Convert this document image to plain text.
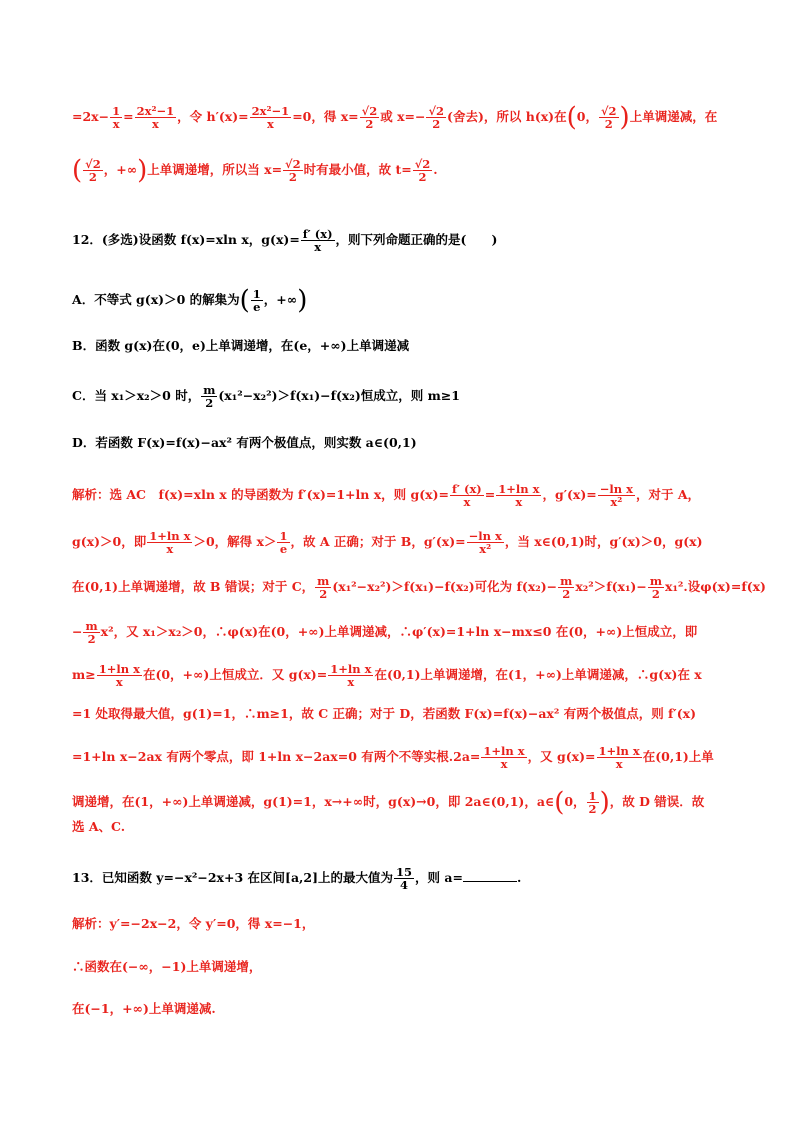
$=2x- \frac{1}{x} = \frac{\text{2x²−1}}{x}$ ，令 $h'(x)= \frac{\text{2x²−1}}{x} =0$，得 $x= \frac{√2}{2}$ 或 $x=- \frac{√2}{2}$ (舍去)，所以 h(x)在(0， $\frac{√2}{2}$ )上单调递减，在
( $\frac{√2}{2}$ ，+∞)上单调递增，所以当 $x= \frac{√2}{2}$ 时有最小值，故 $t= \frac{√2}{2}$ .
12．(多选)设函数 f(x)=xln x，$g(x)= \frac{f' (x)}{x}$ ，则下列命题正确的是(　　)
A．不等式 g(x)＞0 的解集为( $\frac{1}{e}$ ，+∞)
B．函数 g(x)在(0，e)上单调递增，在(e，+∞)上单调递减
C．当 x₁＞x₂＞0 时， $\frac{m}{2} (x_1^2-x_2^2)>f(x_1)-f(x_2)$恒成立，则 m≥1
D．若函数 F(x)=f(x)−ax² 有两个极值点，则实数 a∈(0,1)
解析：选 AC　f(x)=xln x 的导函数为 f′(x)=1+ln x，则 $g(x)= \frac{f' (x)}{x} = \frac{\text{1+ln x}}{x}$ ，$g'(x)= \frac{\text{−ln x}}{\text{x²}}$ ，对于 A，
g(x)＞0，即 $\frac{\text{1+ln x}}{x} >0$，解得 $x> \frac{1}{e}$ ，故 A 正确；对于 B，$g'(x)= \frac{\text{−ln x}}{\text{x²}}$ ，当 x∈(0,1)时，g′(x)＞0，g(x)
在(0,1)上单调递增，故 B 错误；对于 C， $\frac{m}{2} (x_1^2-x_2^2)>f(x_1)-f(x_2)$可化为 $f(x_2)- \frac{m}{2} x_2^2>f(x_1)- \frac{m}{2} x_1^2$.设φ(x)=f(x)
− $\frac{m}{2} x^2$，又 x₁＞x₂＞0，∴φ(x)在(0，+∞)上单调递减，∴φ′(x)=1+ln x−mx≤0 在(0，+∞)上恒成立，即
$m\ge \frac{\text{1+ln x}}{x}$ 在(0，+∞)上恒成立．又 $g(x)= \frac{\text{1+ln x}}{x}$ 在(0,1)上单调递增，在(1，+∞)上单调递减，∴g(x)在 x
=1 处取得最大值，g(1)=1，∴m≥1，故 C 正确；对于 D，若函数 F(x)=f(x)−ax² 有两个极值点，则 f′(x)
=1+ln x−2ax 有两个零点，即 1+ln x−2ax=0 有两个不等实根$.2a= \frac{\text{1+ln x}}{x}$ ，又 $g(x)= \frac{\text{1+ln x}}{x}$ 在(0,1)上单
调递增，在(1，+∞)上单调递减，g(1)=1，x→+∞时，g(x)→0，即 2a∈(0,1)，a∈(0， $\frac{1}{2}$ )，故 D 错误．故
选 A、C.
13．已知函数 y=−x²−2x+3 在区间[a,2]上的最大值为 $\frac{15}{4}$ ，则 a=	.
解析：y′=−2x−2，令 y′=0，得 x=−1，
∴函数在(−∞，−1)上单调递增，
在(−1，+∞)上单调递减.
